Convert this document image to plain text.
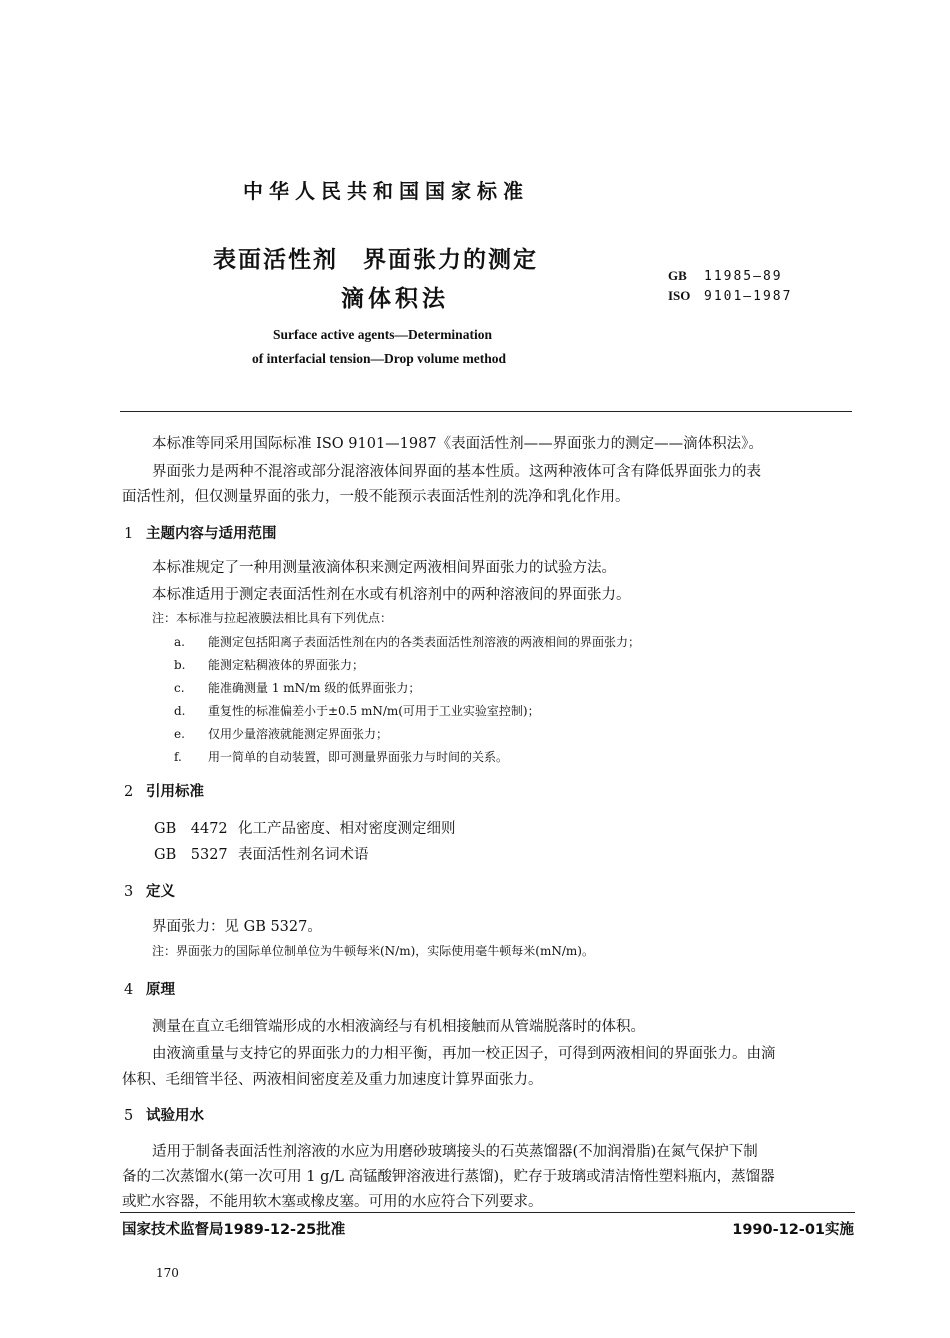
中华人民共和国国家标准
表面活性剂　界面张力的测定
滴体积法
GB 11985—89
ISO 9101—1987
Surface active agents—Determination
of interfacial tension—Drop volume method
本标准等同采用国际标准 ISO 9101—1987《表面活性剂——界面张力的测定——滴体积法》。
界面张力是两种不混溶或部分混溶液体间界面的基本性质。这两种液体可含有降低界面张力的表
面活性剂，但仅测量界面的张力，一般不能预示表面活性剂的洗净和乳化作用。
1 主题内容与适用范围
本标准规定了一种用测量液滴体积来测定两液相间界面张力的试验方法。
本标准适用于测定表面活性剂在水或有机溶剂中的两种溶液间的界面张力。
注：本标准与拉起液膜法相比具有下列优点：
a. 能测定包括阳离子表面活性剂在内的各类表面活性剂溶液的两液相间的界面张力；
b. 能测定粘稠液体的界面张力；
c. 能准确测量 1 mN/m 级的低界面张力；
d. 重复性的标准偏差小于±0.5 mN/m(可用于工业实验室控制)；
e. 仅用少量溶液就能测定界面张力；
f. 用一简单的自动装置，即可测量界面张力与时间的关系。
2 引用标准
GB　4472 化工产品密度、相对密度测定细则
GB　5327 表面活性剂名词术语
3 定义
界面张力：见 GB 5327。
注：界面张力的国际单位制单位为牛顿每米(N/m)，实际使用毫牛顿每米(mN/m)。
4 原理
测量在直立毛细管端形成的水相液滴经与有机相接触而从管端脱落时的体积。
由液滴重量与支持它的界面张力的力相平衡，再加一校正因子，可得到两液相间的界面张力。由滴
体积、毛细管半径、两液相间密度差及重力加速度计算界面张力。
5 试验用水
适用于制备表面活性剂溶液的水应为用磨砂玻璃接头的石英蒸馏器(不加润滑脂)在氮气保护下制
备的二次蒸馏水(第一次可用 1 g/L 高锰酸钾溶液进行蒸馏)，贮存于玻璃或清洁惰性塑料瓶内，蒸馏器
或贮水容器，不能用软木塞或橡皮塞。可用的水应符合下列要求。
国家技术监督局1989-12-25批准	1990-12-01实施
170
